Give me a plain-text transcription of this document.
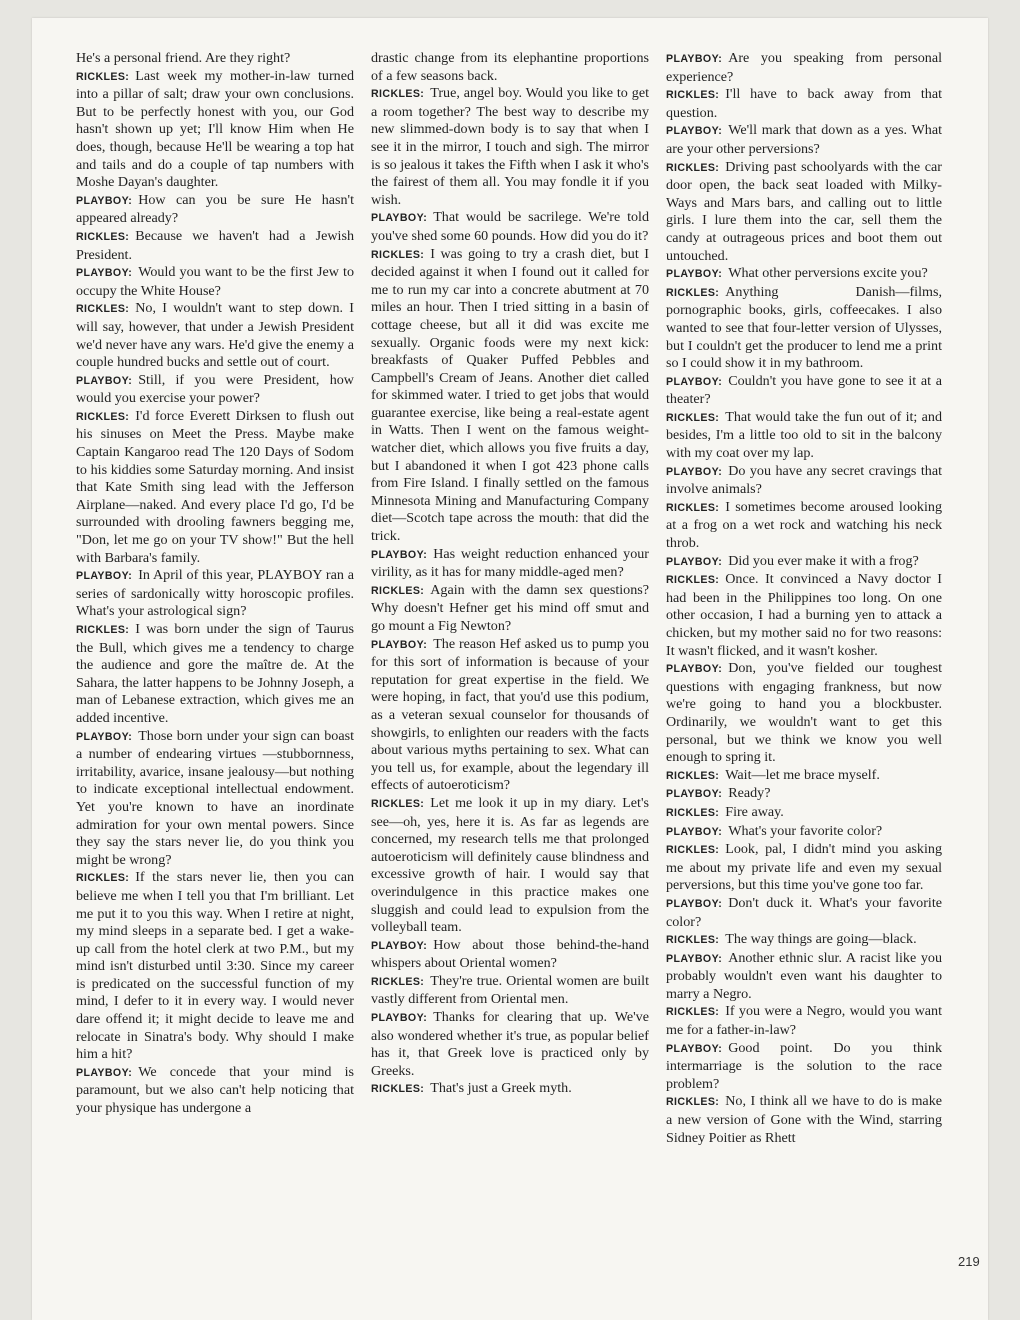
He's a personal friend. Are they right?

RICKLES: Last week my mother-in-law turned into a pillar of salt; draw your own conclusions. But to be perfectly honest with you, our God hasn't shown up yet; I'll know Him when He does, though, because He'll be wearing a top hat and tails and do a couple of tap numbers with Moshe Dayan's daughter.

PLAYBOY: How can you be sure He hasn't appeared already?

RICKLES: Because we haven't had a Jewish President.

PLAYBOY: Would you want to be the first Jew to occupy the White House?

RICKLES: No, I wouldn't want to step down. I will say, however, that under a Jewish President we'd never have any wars. He'd give the enemy a couple hundred bucks and settle out of court.

PLAYBOY: Still, if you were President, how would you exercise your power?

RICKLES: I'd force Everett Dirksen to flush out his sinuses on Meet the Press. Maybe make Captain Kangaroo read The 120 Days of Sodom to his kiddies some Saturday morning. And insist that Kate Smith sing lead with the Jefferson Airplane—naked. And every place I'd go, I'd be surrounded with drooling fawners begging me, "Don, let me go on your TV show!" But the hell with Barbara's family.

PLAYBOY: In April of this year, PLAYBOY ran a series of sardonically witty horoscopic profiles. What's your astrological sign?

RICKLES: I was born under the sign of Taurus the Bull, which gives me a tendency to charge the audience and gore the maître de. At the Sahara, the latter happens to be Johnny Joseph, a man of Lebanese extraction, which gives me an added incentive.

PLAYBOY: Those born under your sign can boast a number of endearing virtues —stubbornness, irritability, avarice, insane jealousy—but nothing to indicate exceptional intellectual endowment. Yet you're known to have an inordinate admiration for your own mental powers. Since they say the stars never lie, do you think you might be wrong?

RICKLES: If the stars never lie, then you can believe me when I tell you that I'm brilliant. Let me put it to you this way. When I retire at night, my mind sleeps in a separate bed. I get a wake-up call from the hotel clerk at two P.M., but my mind isn't disturbed until 3:30. Since my career is predicated on the successful function of my mind, I defer to it in every way. I would never dare offend it; it might decide to leave me and relocate in Sinatra's body. Why should I make him a hit?

PLAYBOY: We concede that your mind is paramount, but we also can't help noticing that your physique has undergone a

drastic change from its elephantine proportions of a few seasons back.

RICKLES: True, angel boy. Would you like to get a room together? The best way to describe my new slimmed-down body is to say that when I see it in the mirror, I touch and sigh. The mirror is so jealous it takes the Fifth when I ask it who's the fairest of them all. You may fondle it if you wish.

PLAYBOY: That would be sacrilege. We're told you've shed some 60 pounds. How did you do it?

RICKLES: I was going to try a crash diet, but I decided against it when I found out it called for me to run my car into a concrete abutment at 70 miles an hour. Then I tried sitting in a basin of cottage cheese, but all it did was excite me sexually. Organic foods were my next kick: breakfasts of Quaker Puffed Pebbles and Campbell's Cream of Jeans. Another diet called for skimmed water. I tried to get jobs that would guarantee exercise, like being a real-estate agent in Watts. Then I went on the famous weight-watcher diet, which allows you five fruits a day, but I abandoned it when I got 423 phone calls from Fire Island. I finally settled on the famous Minnesota Mining and Manufacturing Company diet—Scotch tape across the mouth: that did the trick.

PLAYBOY: Has weight reduction enhanced your virility, as it has for many middle-aged men?

RICKLES: Again with the damn sex questions? Why doesn't Hefner get his mind off smut and go mount a Fig Newton?

PLAYBOY: The reason Hef asked us to pump you for this sort of information is because of your reputation for great expertise in the field. We were hoping, in fact, that you'd use this podium, as a veteran sexual counselor for thousands of showgirls, to enlighten our readers with the facts about various myths pertaining to sex. What can you tell us, for example, about the legendary ill effects of autoeroticism?

RICKLES: Let me look it up in my diary. Let's see—oh, yes, here it is. As far as legends are concerned, my research tells me that prolonged autoeroticism will definitely cause blindness and excessive growth of hair. I would say that overindulgence in this practice makes one sluggish and could lead to expulsion from the volleyball team.

PLAYBOY: How about those behind-the-hand whispers about Oriental women?

RICKLES: They're true. Oriental women are built vastly different from Oriental men.

PLAYBOY: Thanks for clearing that up. We've also wondered whether it's true, as popular belief has it, that Greek love is practiced only by Greeks.

RICKLES: That's just a Greek myth.

PLAYBOY: Are you speaking from personal experience?

RICKLES: I'll have to back away from that question.

PLAYBOY: We'll mark that down as a yes. What are your other perversions?

RICKLES: Driving past schoolyards with the car door open, the back seat loaded with Milky-Ways and Mars bars, and calling out to little girls. I lure them into the car, sell them the candy at outrageous prices and boot them out untouched.

PLAYBOY: What other perversions excite you?

RICKLES: Anything Danish—films, pornographic books, girls, coffeecakes. I also wanted to see that four-letter version of Ulysses, but I couldn't get the producer to lend me a print so I could show it in my bathroom.

PLAYBOY: Couldn't you have gone to see it at a theater?

RICKLES: That would take the fun out of it; and besides, I'm a little too old to sit in the balcony with my coat over my lap.

PLAYBOY: Do you have any secret cravings that involve animals?

RICKLES: I sometimes become aroused looking at a frog on a wet rock and watching his neck throb.

PLAYBOY: Did you ever make it with a frog?

RICKLES: Once. It convinced a Navy doctor I had been in the Philippines too long. On one other occasion, I had a burning yen to attack a chicken, but my mother said no for two reasons: It wasn't flicked, and it wasn't kosher.

PLAYBOY: Don, you've fielded our toughest questions with engaging frankness, but now we're going to hand you a blockbuster. Ordinarily, we wouldn't want to get this personal, but we think we know you well enough to spring it.

RICKLES: Wait—let me brace myself.

PLAYBOY: Ready?

RICKLES: Fire away.

PLAYBOY: What's your favorite color?

RICKLES: Look, pal, I didn't mind you asking me about my private life and even my sexual perversions, but this time you've gone too far.

PLAYBOY: Don't duck it. What's your favorite color?

RICKLES: The way things are going—black.

PLAYBOY: Another ethnic slur. A racist like you probably wouldn't even want his daughter to marry a Negro.

RICKLES: If you were a Negro, would you want me for a father-in-law?

PLAYBOY: Good point. Do you think intermarriage is the solution to the race problem?

RICKLES: No, I think all we have to do is make a new version of Gone with the Wind, starring Sidney Poitier as Rhett

219
